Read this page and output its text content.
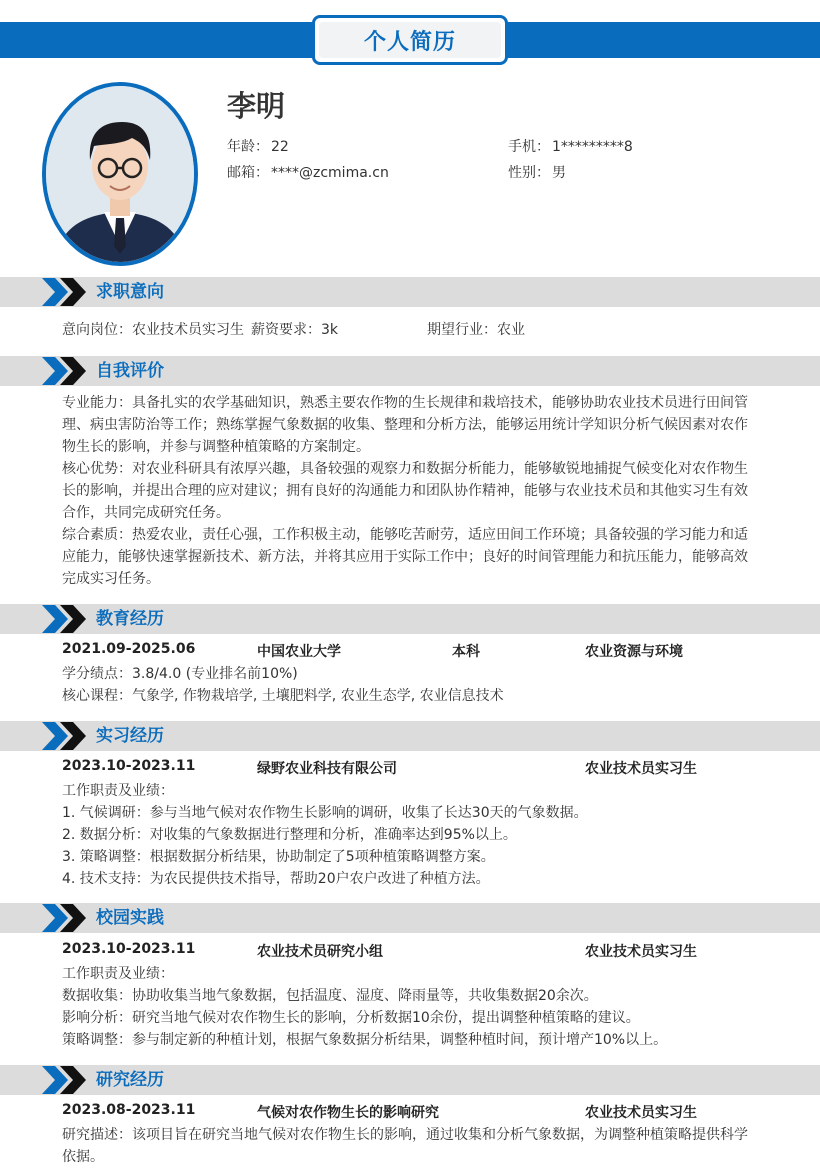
个人简历
李明
年龄： 22	手机： 1*********8
邮箱： ****@zcmima.cn	性别： 男
求职意向
意向岗位：农业技术员实习生 薪资要求：3k	期望行业：农业
自我评价

专业能力：具备扎实的农学基础知识，熟悉主要农作物的生长规律和栽培技术，能够协助农业技术员进行田间管理、病虫害防治等工作；熟练掌握气象数据的收集、整理和分析方法，能够运用统计学知识分析气候因素对农作物生长的影响，并参与调整种植策略的方案制定。

核心优势：对农业科研具有浓厚兴趣，具备较强的观察力和数据分析能力，能够敏锐地捕捉气候变化对农作物生长的影响，并提出合理的应对建议；拥有良好的沟通能力和团队协作精神，能够与农业技术员和其他实习生有效合作，共同完成研究任务。

综合素质：热爱农业，责任心强，工作积极主动，能够吃苦耐劳，适应田间工作环境；具备较强的学习能力和适应能力，能够快速掌握新技术、新方法，并将其应用于实际工作中；良好的时间管理能力和抗压能力，能够高效完成实习任务。

教育经历
2021.09-2025.06	中国农业大学	本科	农业资源与环境
学分绩点：3.8/4.0 (专业排名前10%)
核心课程：气象学, 作物栽培学, 土壤肥料学, 农业生态学, 农业信息技术
实习经历
2023.10-2023.11	绿野农业科技有限公司	农业技术员实习生
工作职责及业绩：
1. 气候调研：参与当地气候对农作物生长影响的调研，收集了长达30天的气象数据。
2. 数据分析：对收集的气象数据进行整理和分析，准确率达到95%以上。
3. 策略调整：根据数据分析结果，协助制定了5项种植策略调整方案。
4. 技术支持：为农民提供技术指导，帮助20户农户改进了种植方法。
校园实践
2023.10-2023.11	农业技术员研究小组	农业技术员实习生
工作职责及业绩：
数据收集：协助收集当地气象数据，包括温度、湿度、降雨量等，共收集数据20余次。
影响分析：研究当地气候对农作物生长的影响，分析数据10余份，提出调整种植策略的建议。
策略调整：参与制定新的种植计划，根据气象数据分析结果，调整种植时间，预计增产10%以上。
研究经历
2023.08-2023.11	气候对农作物生长的影响研究	农业技术员实习生
研究描述：该项目旨在研究当地气候对农作物生长的影响，通过收集和分析气象数据，为调整种植策略提供科学依据。
